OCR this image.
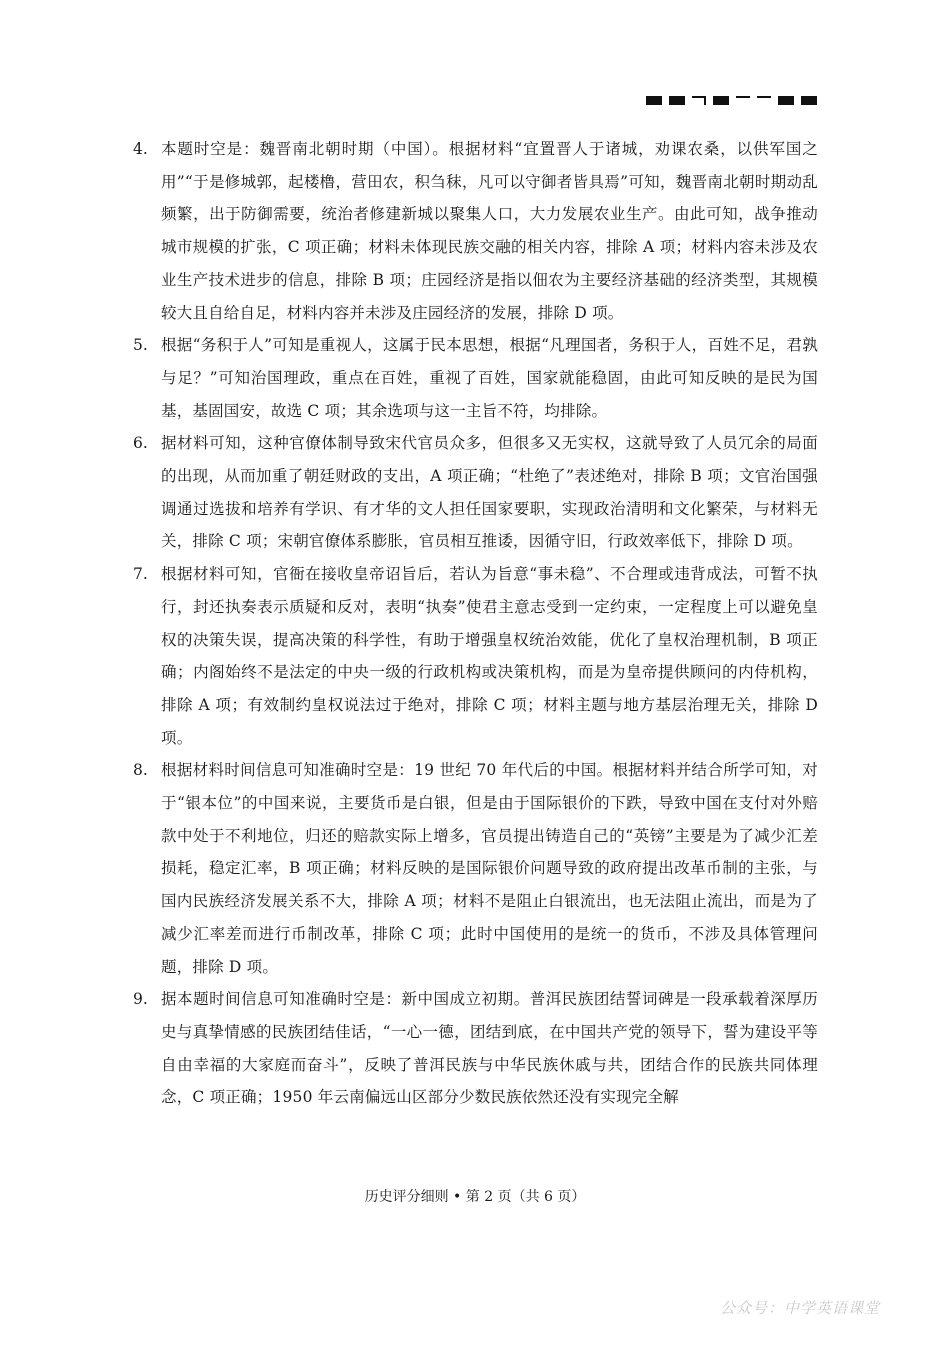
4. 本题时空是：魏晋南北朝时期（中国）。根据材料“宜置晋人于诸城，劝课农桑，以供军国之用”“于是修城郭，起楼橹，营田农，积刍秣，凡可以守御者皆具焉”可知，魏晋南北朝时期动乱频繁，出于防御需要，统治者修建新城以聚集人口，大力发展农业生产。由此可知，战争推动城市规模的扩张，C 项正确；材料未体现民族交融的相关内容，排除 A 项；材料内容未涉及农业生产技术进步的信息，排除 B 项；庄园经济是指以佃农为主要经济基础的经济类型，其规模较大且自给自足，材料内容并未涉及庄园经济的发展，排除 D 项。
5. 根据“务积于人”可知是重视人，这属于民本思想，根据“凡理国者，务积于人，百姓不足，君孰与足？”可知治国理政，重点在百姓，重视了百姓，国家就能稳固，由此可知反映的是民为国基，基固国安，故选 C 项；其余选项与这一主旨不符，均排除。
6. 据材料可知，这种官僚体制导致宋代官员众多，但很多又无实权，这就导致了人员冗余的局面的出现，从而加重了朝廷财政的支出，A 项正确；“杜绝了”表述绝对，排除 B 项；文官治国强调通过选拔和培养有学识、有才华的文人担任国家要职，实现政治清明和文化繁荣，与材料无关，排除 C 项；宋朝官僚体系膨胀，官员相互推诿，因循守旧，行政效率低下，排除 D 项。
7. 根据材料可知，官衙在接收皇帝诏旨后，若认为旨意“事未稳”、不合理或违背成法，可暂不执行，封还执奏表示质疑和反对，表明“执奏”使君主意志受到一定约束，一定程度上可以避免皇权的决策失误，提高决策的科学性，有助于增强皇权统治效能，优化了皇权治理机制，B 项正确；内阁始终不是法定的中央一级的行政机构或决策机构，而是为皇帝提供顾问的内侍机构，排除 A 项；有效制约皇权说法过于绝对，排除 C 项；材料主题与地方基层治理无关，排除 D 项。
8. 根据材料时间信息可知准确时空是：19 世纪 70 年代后的中国。根据材料并结合所学可知，对于“银本位”的中国来说，主要货币是白银，但是由于国际银价的下跌，导致中国在支付对外赔款中处于不利地位，归还的赔款实际上增多，官员提出铸造自己的“英镑”主要是为了减少汇差损耗，稳定汇率，B 项正确；材料反映的是国际银价问题导致的政府提出改革币制的主张，与国内民族经济发展关系不大，排除 A 项；材料不是阻止白银流出，也无法阻止流出，而是为了减少汇率差而进行币制改革，排除 C 项；此时中国使用的是统一的货币，不涉及具体管理问题，排除 D 项。
9. 据本题时间信息可知准确时空是：新中国成立初期。普洱民族团结誓词碑是一段承载着深厚历史与真挚情感的民族团结佳话，“一心一德，团结到底，在中国共产党的领导下，誓为建设平等自由幸福的大家庭而奋斗”，反映了普洱民族与中华民族休戚与共，团结合作的民族共同体理念，C 项正确；1950 年云南偏远山区部分少数民族依然还没有实现完全解
历史评分细则 • 第 2 页（共 6 页）
公众号：中学英语课堂
